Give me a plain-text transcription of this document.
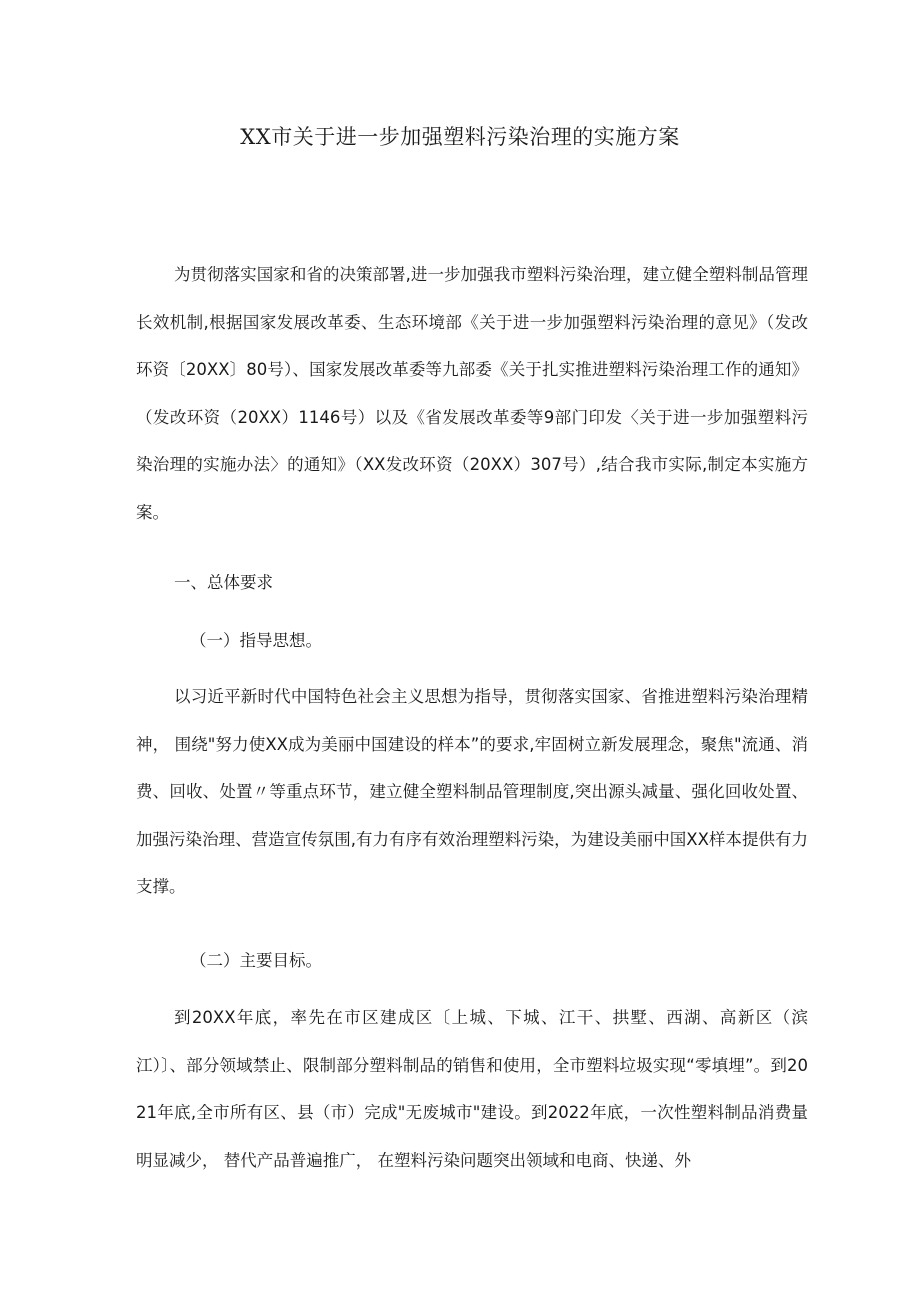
XX市关于进一步加强塑料污染治理的实施方案

为贯彻落实国家和省的决策部署,进一步加强我市塑料污染治理，建立健全塑料制品管理长效机制,根据国家发展改革委、生态环境部《关于进一步加强塑料污染治理的意见》（发改环资〔20XX〕80号）、国家发展改革委等九部委《关于扎实推进塑料污染治理工作的通知》（发改环资（20XX）1146号）以及《省发展改革委等9部门印发〈关于进一步加强塑料污染治理的实施办法〉的通知》（XX发改环资（20XX）307号）,结合我市实际,制定本实施方案。

一、总体要求
（一）指导思想。

以习近平新时代中国特色社会主义思想为指导，贯彻落实国家、省推进塑料污染治理精神， 围绕"努力使XX成为美丽中国建设的样本”的要求,牢固树立新发展理念，聚焦"流通、消费、回收、处置〃等重点环节，建立健全塑料制品管理制度,突出源头减量、强化回收处置、加强污染治理、营造宣传氛围,有力有序有效治理塑料污染，为建设美丽中国XX样本提供有力支撑。

（二）主要目标。

到20XX年底，率先在市区建成区〔上城、下城、江干、拱墅、西湖、高新区（滨江）〕、部分领域禁止、限制部分塑料制品的销售和使用，全市塑料垃圾实现“零填埋”。到2021年底,全市所有区、县（市）完成"无废城市"建设。到2022年底，一次性塑料制品消费量明显减少， 替代产品普遍推广， 在塑料污染问题突出领域和电商、快递、外
